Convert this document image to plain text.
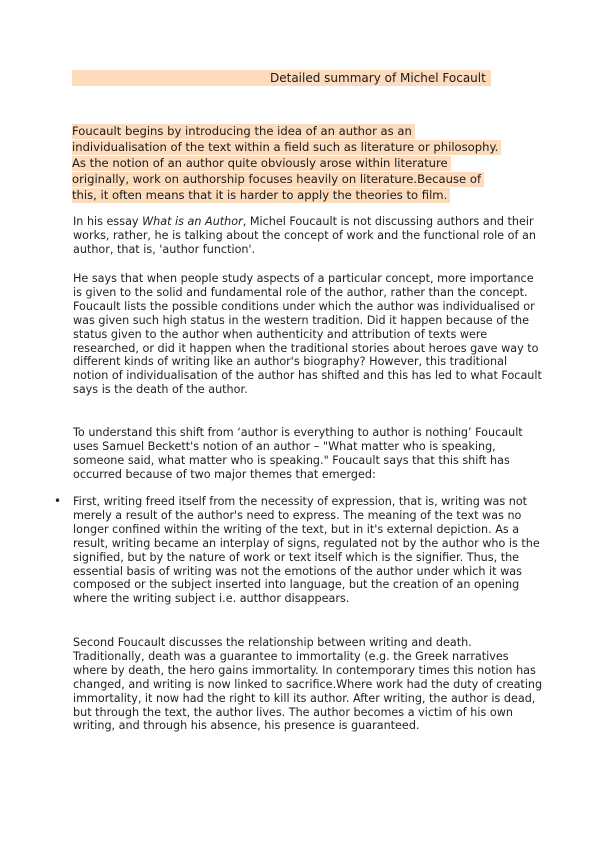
Detailed summary of Michel Focault
Foucault begins by introducing the idea of an author as an
individualisation of the text within a field such as literature or philosophy.
As the notion of an author quite obviously arose within literature
originally, work on authorship focuses heavily on literature.Because of
this, it often means that it is harder to apply the theories to film.

In his essay What is an Author, Michel Foucault is not discussing authors and their works, rather, he is talking about the concept of work and the functional role of an author, that is, 'author function'.

He says that when people study aspects of a particular concept, more importance is given to the solid and fundamental role of the author, rather than the concept. Foucault lists the possible conditions under which the author was individualised or was given such high status in the western tradition. Did it happen because of the status given to the author when authenticity and attribution of texts were researched, or did it happen when the traditional stories about heroes gave way to different kinds of writing like an author's biography? However, this traditional notion of individualisation of the author has shifted and this has led to what Focault says is the death of the author.

To understand this shift from ‘author is everything to author is nothing’ Foucault uses Samuel Beckett's notion of an author – "What matter who is speaking, someone said, what matter who is speaking." Foucault says that this shift has occurred because of two major themes that emerged:

• First, writing freed itself from the necessity of expression, that is, writing was not merely a result of the author's need to express. The meaning of the text was no longer confined within the writing of the text, but in it's external depiction. As a result, writing became an interplay of signs, regulated not by the author who is the signified, but by the nature of work or text itself which is the signifier. Thus, the essential basis of writing was not the emotions of the author under which it was composed or the subject inserted into language, but the creation of an opening where the writing subject i.e. autthor disappears.

Second Foucault discusses the relationship between writing and death. Traditionally, death was a guarantee to immortality (e.g. the Greek narratives where by death, the hero gains immortality. In contemporary times this notion has changed, and writing is now linked to sacrifice.Where work had the duty of creating immortality, it now had the right to kill its author. After writing, the author is dead, but through the text, the author lives. The author becomes a victim of his own writing, and through his absence, his presence is guaranteed.
